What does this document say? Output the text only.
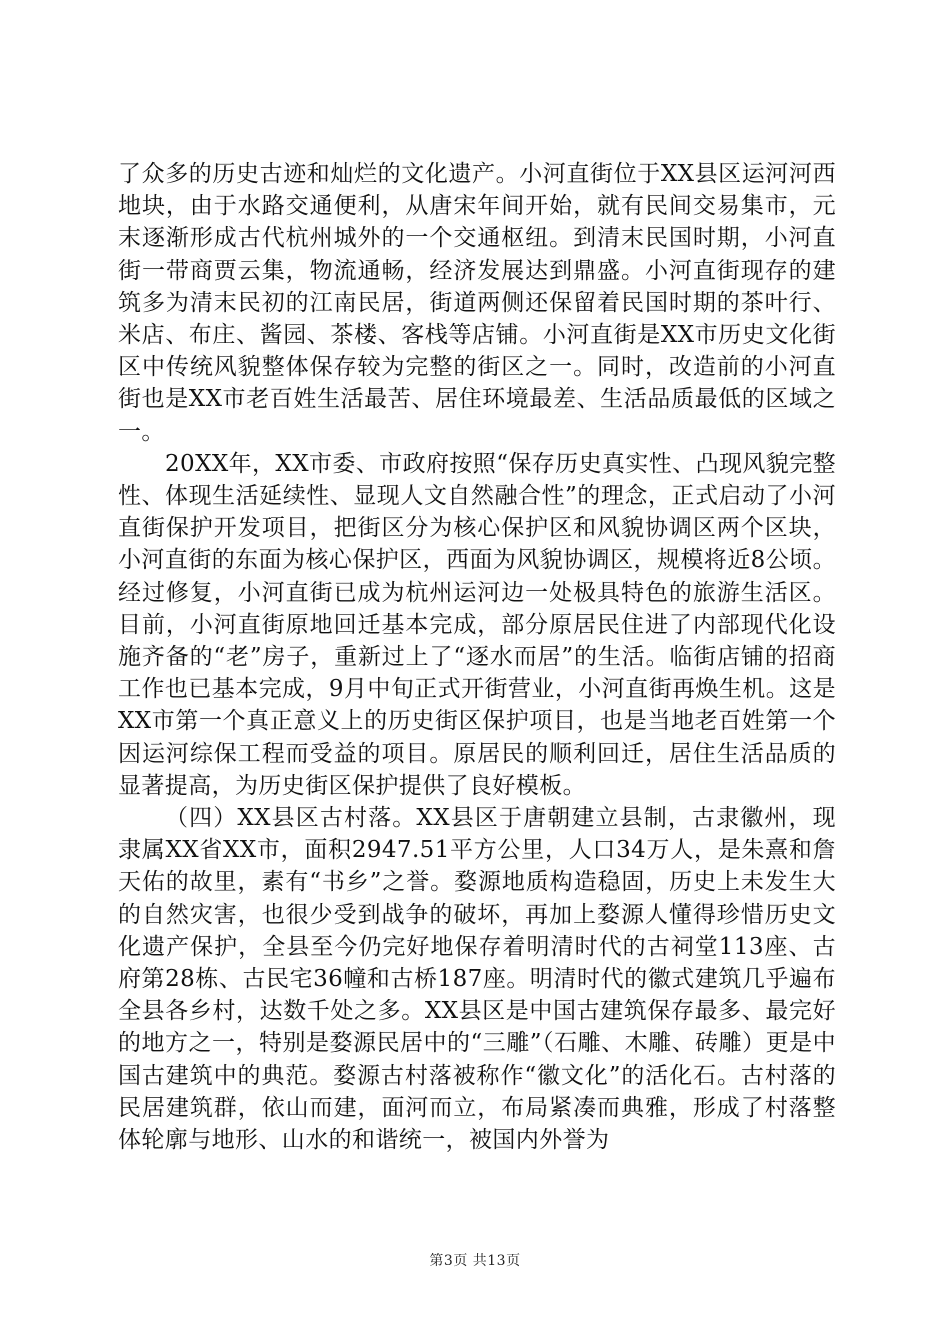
了众多的历史古迹和灿烂的文化遗产。小河直街位于XX县区运河河西地块，由于水路交通便利，从唐宋年间开始，就有民间交易集市，元末逐渐形成古代杭州城外的一个交通枢纽。到清末民国时期，小河直街一带商贾云集，物流通畅，经济发展达到鼎盛。小河直街现存的建筑多为清末民初的江南民居，街道两侧还保留着民国时期的茶叶行、米店、布庄、酱园、茶楼、客栈等店铺。小河直街是XX市历史文化街区中传统风貌整体保存较为完整的街区之一。同时，改造前的小河直街也是XX市老百姓生活最苦、居住环境最差、生活品质最低的区域之一。

20XX年，XX市委、市政府按照“保存历史真实性、凸现风貌完整性、体现生活延续性、显现人文自然融合性”的理念，正式启动了小河直街保护开发项目，把街区分为核心保护区和风貌协调区两个区块，小河直街的东面为核心保护区，西面为风貌协调区，规模将近8公顷。经过修复，小河直街已成为杭州运河边一处极具特色的旅游生活区。目前，小河直街原地回迁基本完成，部分原居民住进了内部现代化设施齐备的“老”房子，重新过上了“逐水而居”的生活。临街店铺的招商工作也已基本完成，9月中旬正式开街营业，小河直街再焕生机。这是XX市第一个真正意义上的历史街区保护项目，也是当地老百姓第一个因运河综保工程而受益的项目。原居民的顺利回迁，居住生活品质的显著提高，为历史街区保护提供了良好模板。

（四）XX县区古村落。XX县区于唐朝建立县制，古隶徽州，现隶属XX省XX市，面积2947.51平方公里，人口34万人，是朱熹和詹天佑的故里，素有“书乡”之誉。婺源地质构造稳固，历史上未发生大的自然灾害，也很少受到战争的破坏，再加上婺源人懂得珍惜历史文化遗产保护，全县至今仍完好地保存着明清时代的古祠堂113座、古府第28栋、古民宅36幢和古桥187座。明清时代的徽式建筑几乎遍布全县各乡村，达数千处之多。XX县区是中国古建筑保存最多、最完好的地方之一，特别是婺源民居中的“三雕”（石雕、木雕、砖雕）更是中国古建筑中的典范。婺源古村落被称作“徽文化”的活化石。古村落的民居建筑群，依山而建，面河而立，布局紧凑而典雅，形成了村落整体轮廓与地形、山水的和谐统一，被国内外誉为

第3页 共13页
